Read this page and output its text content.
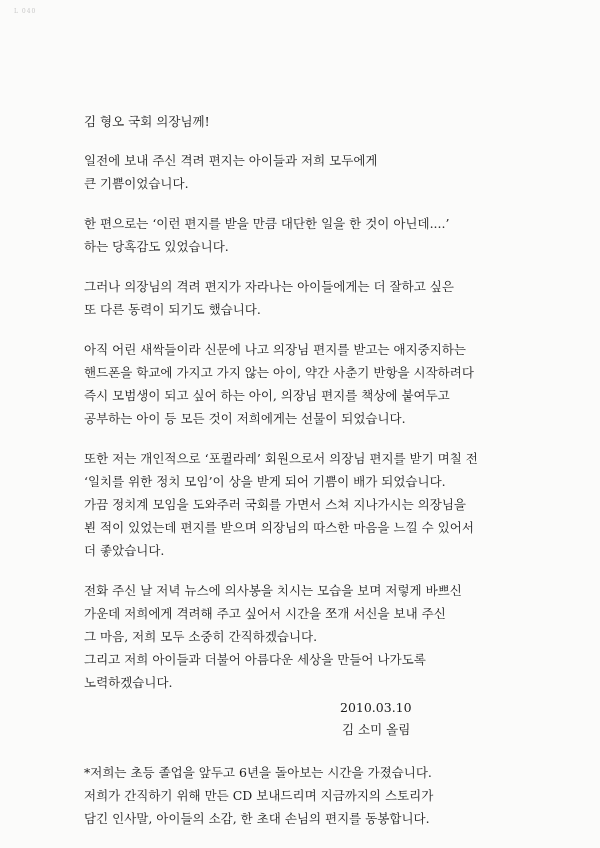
L 040
김 형오 국회 의장님께!
일전에 보내 주신 격려 편지는 아이들과 저희 모두에게
큰 기쁨이었습니다.
한 편으로는 ‘이런 편지를 받을 만큼 대단한 일을 한 것이 아닌데....’
하는 당혹감도 있었습니다.
그러나 의장님의 격려 편지가 자라나는 아이들에게는 더 잘하고 싶은
또 다른 동력이 되기도 했습니다.
아직 어린 새싹들이라 신문에 나고 의장님 편지를 받고는 애지중지하는
핸드폰을 학교에 가지고 가지 않는 아이, 약간 사춘기 반항을 시작하려다
즉시 모범생이 되고 싶어 하는 아이, 의장님 편지를 책상에 붙여두고
공부하는 아이 등 모든 것이 저희에게는 선물이 되었습니다.
또한 저는 개인적으로 ‘포퀼라레’ 회원으로서 의장님 편지를 받기 며칠 전
‘일치를 위한 정치 모임’이 상을 받게 되어 기쁨이 배가 되었습니다.
가끔 정치계 모임을 도와주러 국회를 가면서 스쳐 지나가시는 의장님을
뵌 적이 있었는데 편지를 받으며 의장님의 따스한 마음을 느낄 수 있어서
더 좋았습니다.
전화 주신 날 저녁 뉴스에 의사봉을 치시는 모습을 보며 저렇게 바쁘신
가운데 저희에게 격려해 주고 싶어서 시간을 쪼개 서신을 보내 주신
그 마음, 저희 모두 소중히 간직하겠습니다.
그리고 저희 아이들과 더불어 아름다운 세상을 만들어 나가도록
노력하겠습니다.
2010.03.10
김 소미 올림
*저희는 초등 졸업을 앞두고 6년을 돌아보는 시간을 가졌습니다.
저희가 간직하기 위해 만든 CD 보내드리며 지금까지의 스토리가
담긴 인사말, 아이들의 소감, 한 초대 손님의 편지를 동봉합니다.
